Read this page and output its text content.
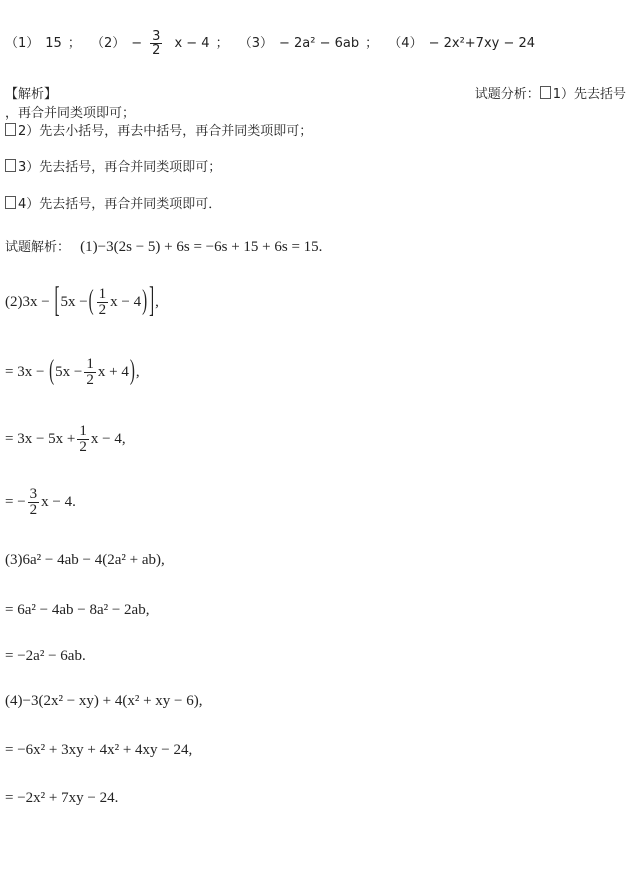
（1） 15 ； $(2) - \frac{3}{2}$ x − 4 ； （3） − 2a² − 6ab ； （4） − 2x²+7xy − 24
【解析】	试题分析： 1）先去括号
，再合并同类项即可；
2）先去小括号，再去中括号，再合并同类项即可；
3）先去括号，再合并同类项即可；
4）先去括号，再合并同类项即可．
试题解析： (1)−3(2s − 5) + 6s = −6s + 15 + 6s = 15.
(2)3x − [5x −( $\frac{1}{2}$ x − 4) ],
= $3x - (5x - \frac{1}{2}$ x + 4),
= $3x - 5x + \frac{1}{2}$ x − 4,
= − $\frac{3}{2}$ x − 4.
(3)6a² − 4ab − 4(2a² + ab),
= 6a² − 4ab − 8a² − 2ab,
= −2a² − 6ab.
(4)−3(2x² − xy) + 4(x² + xy − 6),
= −6x² + 3xy + 4x² + 4xy − 24,
= −2x² + 7xy − 24.
